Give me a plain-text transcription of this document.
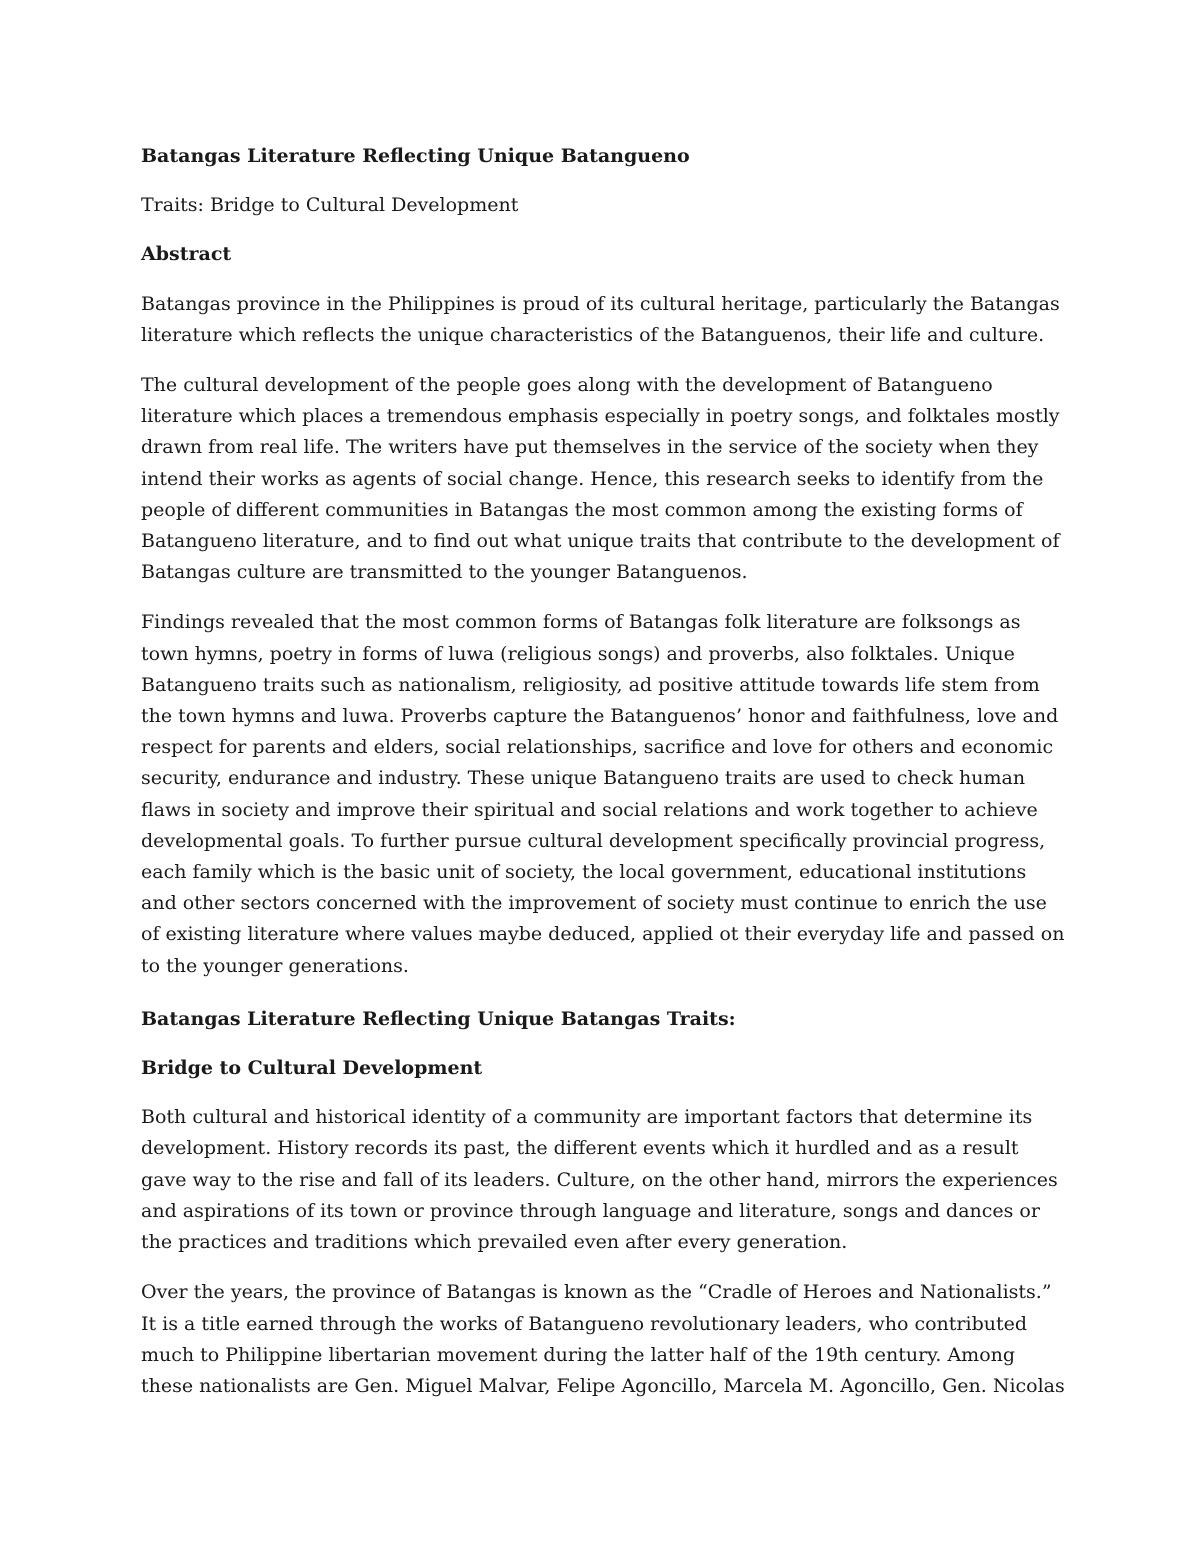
Batangas Literature Reflecting Unique Batangueno

Traits: Bridge to Cultural Development

Abstract

Batangas province in the Philippines is proud of its cultural heritage, particularly the Batangas literature which reflects the unique characteristics of the Batanguenos, their life and culture.

The cultural development of the people goes along with the development of Batangueno literature which places a tremendous emphasis especially in poetry songs, and folktales mostly drawn from real life. The writers have put themselves in the service of the society when they intend their works as agents of social change. Hence, this research seeks to identify from the people of different communities in Batangas the most common among the existing forms of Batangueno literature, and to find out what unique traits that contribute to the development of Batangas culture are transmitted to the younger Batanguenos.

Findings revealed that the most common forms of Batangas folk literature are folksongs as town hymns, poetry in forms of luwa (religious songs) and proverbs, also folktales. Unique Batangueno traits such as nationalism, religiosity, ad positive attitude towards life stem from the town hymns and luwa. Proverbs capture the Batanguenos’ honor and faithfulness, love and respect for parents and elders, social relationships, sacrifice and love for others and economic security, endurance and industry. These unique Batangueno traits are used to check human flaws in society and improve their spiritual and social relations and work together to achieve developmental goals. To further pursue cultural development specifically provincial progress, each family which is the basic unit of society, the local government, educational institutions and other sectors concerned with the improvement of society must continue to enrich the use of existing literature where values maybe deduced, applied ot their everyday life and passed on to the younger generations.

Batangas Literature Reflecting Unique Batangas Traits:

Bridge to Cultural Development

Both cultural and historical identity of a community are important factors that determine its development. History records its past, the different events which it hurdled and as a result gave way to the rise and fall of its leaders. Culture, on the other hand, mirrors the experiences and aspirations of its town or province through language and literature, songs and dances or the practices and traditions which prevailed even after every generation.

Over the years, the province of Batangas is known as the “Cradle of Heroes and Nationalists.” It is a title earned through the works of Batangueno revolutionary leaders, who contributed much to Philippine libertarian movement during the latter half of the 19th century. Among these nationalists are Gen. Miguel Malvar, Felipe Agoncillo, Marcela M. Agoncillo, Gen. Nicolas
